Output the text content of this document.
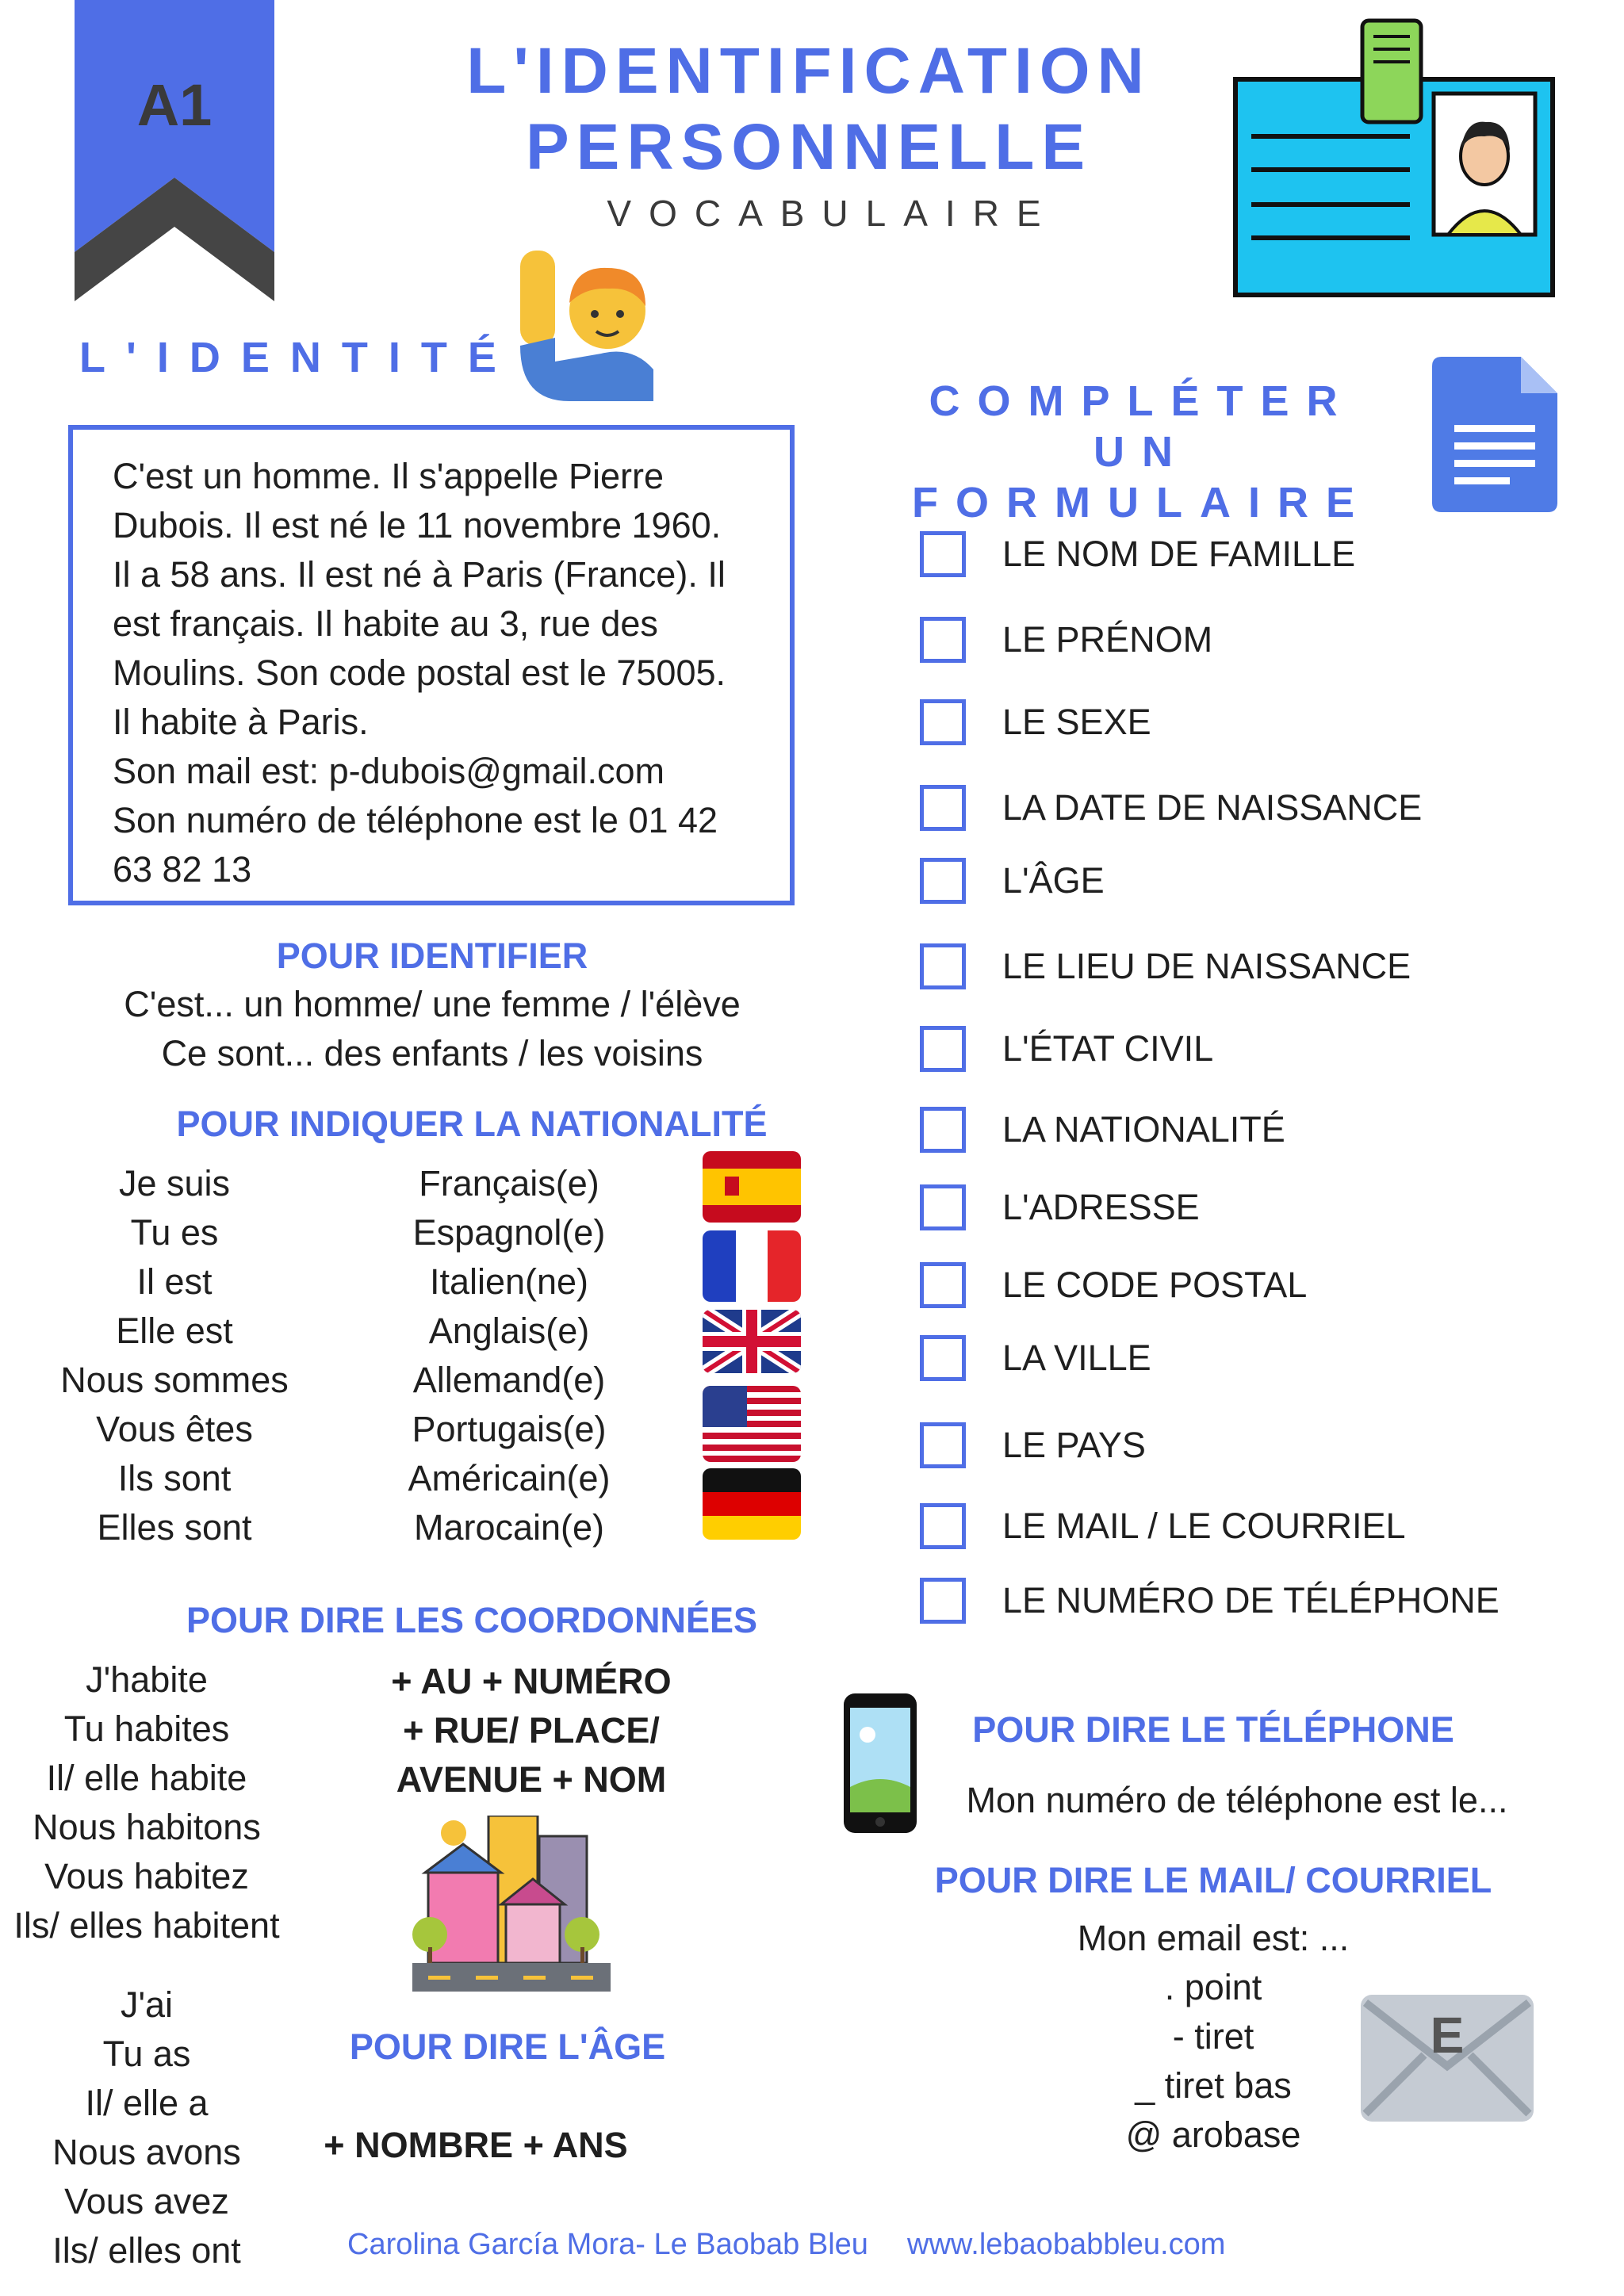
A1	L'IDENTIFICATION
PERSONNELLE
VOCABULAIRE
L'IDENTITÉ
C'est un homme. Il s'appelle Pierre
Dubois. Il est né le 11 novembre 1960.
Il a 58 ans. Il est né à Paris (France). Il
est français. Il habite au 3, rue des
Moulins. Son code postal est le 75005.
Il habite à Paris.
Son mail est: p-dubois@gmail.com
Son numéro de téléphone est le 01 42
63 82 13
POUR IDENTIFIER
C'est... un homme/ une femme / l'élève
Ce sont... des enfants / les voisins
POUR INDIQUER LA NATIONALITÉ
Je suis
Tu es
Il est
Elle est
Nous sommes
Vous êtes
Ils sont
Elles sont
Français(e)
Espagnol(e)
Italien(ne)
Anglais(e)
Allemand(e)
Portugais(e)
Américain(e)
Marocain(e)
POUR DIRE LES COORDONNÉES
J'habite
Tu habites
Il/ elle habite
Nous habitons
Vous habitez
Ils/ elles habitent
+ AU + NUMÉRO
+ RUE/ PLACE/
AVENUE + NOM
J'ai
Tu as
Il/ elle a
Nous avons
Vous avez
Ils/ elles ont
POUR DIRE L'ÂGE
+ NOMBRE + ANS
COMPLÉTER UN
FORMULAIRE
LE NOM DE FAMILLE
LE PRÉNOM
LE SEXE
LA DATE DE NAISSANCE
L'ÂGE
LE LIEU DE NAISSANCE
L'ÉTAT CIVIL
LA NATIONALITÉ
L'ADRESSE
LE CODE POSTAL
LA VILLE
LE PAYS
LE MAIL / LE COURRIEL
LE NUMÉRO DE TÉLÉPHONE
POUR DIRE LE TÉLÉPHONE
Mon numéro de téléphone est le...
POUR DIRE LE MAIL/ COURRIEL
Mon email est: ...
. point
- tiret
_ tiret bas
@ arobase
E
Carolina García Mora- Le Baobab Bleu www.lebaobabbleu.com
